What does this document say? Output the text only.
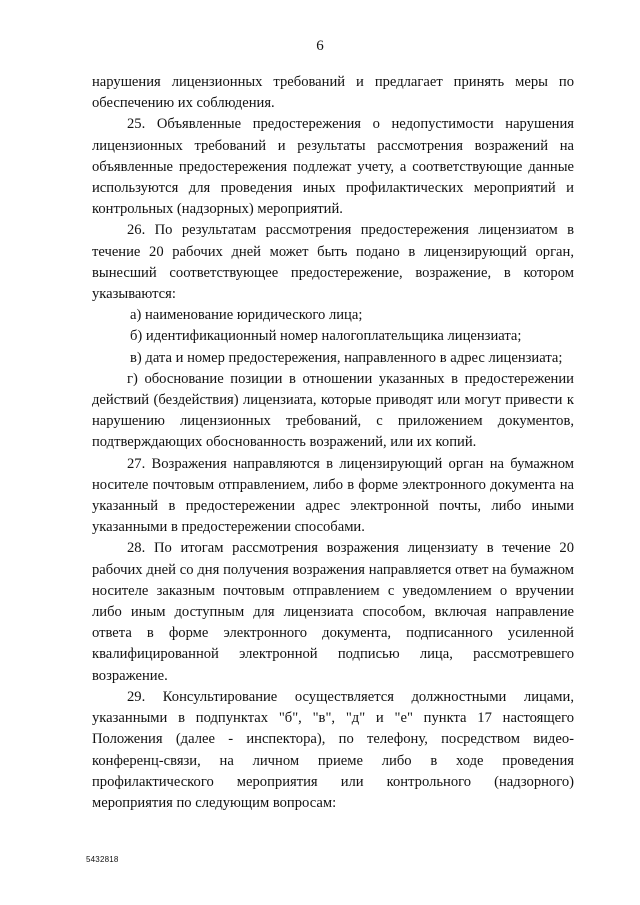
6

нарушения лицензионных требований и предлагает принять меры по обеспечению их соблюдения.

25. Объявленные предостережения о недопустимости нарушения лицензионных требований и результаты рассмотрения возражений на объявленные предостережения подлежат учету, а соответствующие данные используются для проведения иных профилактических мероприятий и контрольных (надзорных) мероприятий.

26. По результатам рассмотрения предостережения лицензиатом в течение 20 рабочих дней может быть подано в лицензирующий орган, вынесший соответствующее предостережение, возражение, в котором указываются:

а) наименование юридического лица;

б) идентификационный номер налогоплательщика лицензиата;

в) дата и номер предостережения, направленного в адрес лицензиата;

г) обоснование позиции в отношении указанных в предостережении действий (бездействия) лицензиата, которые приводят или могут привести к нарушению лицензионных требований, с приложением документов, подтверждающих обоснованность возражений, или их копий.

27. Возражения направляются в лицензирующий орган на бумажном носителе почтовым отправлением, либо в форме электронного документа на указанный в предостережении адрес электронной почты, либо иными указанными в предостережении способами.

28. По итогам рассмотрения возражения лицензиату в течение 20 рабочих дней со дня получения возражения направляется ответ на бумажном носителе заказным почтовым отправлением с уведомлением о вручении либо иным доступным для лицензиата способом, включая направление ответа в форме электронного документа, подписанного усиленной квалифицированной электронной подписью лица, рассмотревшего возражение.

29. Консультирование осуществляется должностными лицами, указанными в подпунктах "б", "в", "д" и "е" пункта 17 настоящего Положения (далее - инспектора), по телефону, посредством видео-конференц-связи, на личном приеме либо в ходе проведения профилактического мероприятия или контрольного (надзорного) мероприятия по следующим вопросам:

5432818
